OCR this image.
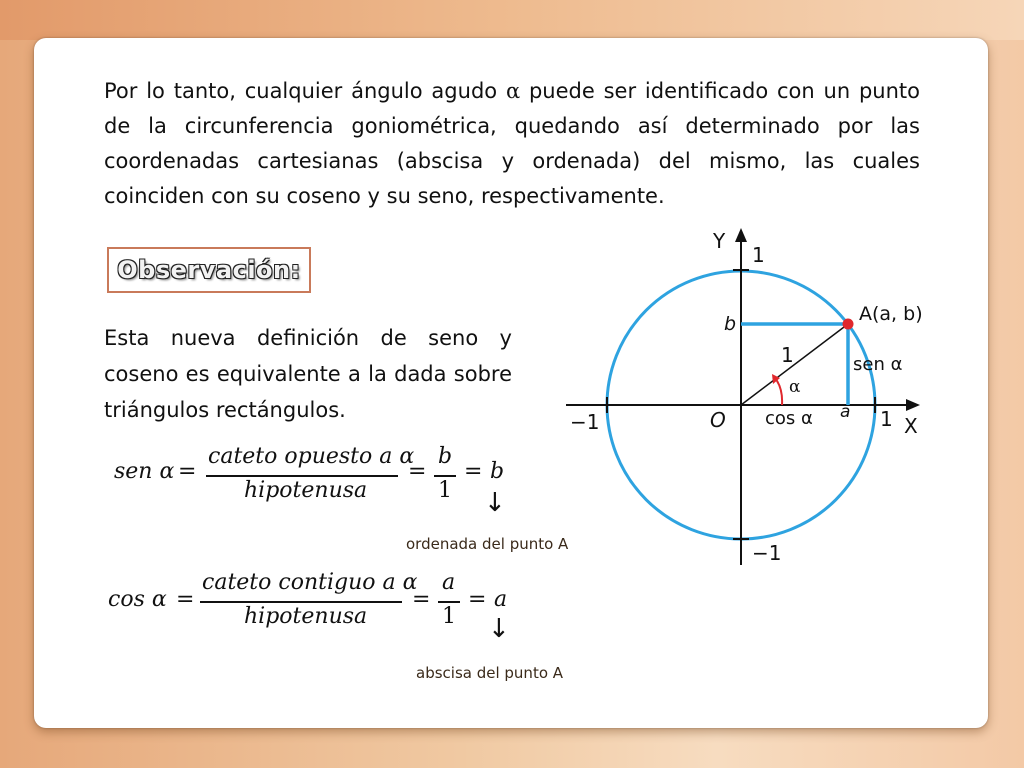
Por lo tanto, cualquier ángulo agudo α puede ser identificado con un punto de la circunferencia goniométrica, quedando así determinado por las coordenadas cartesianas (abscisa y ordenada) del mismo, las cuales coinciden con su coseno y su seno, respectivamente.
Observación:
Esta nueva definición de seno y coseno es equivalente a la dada sobre triángulos rectángulos.
sen α =
cateto opuesto a α
hipotenusa
=
b
1
= b
↓
ordenada del punto A
cos α =
cateto contiguo a α
hipotenusa
=
a
1
= a
↓
abscisa del punto A
Y
1
−1
−1	1 X
O
b
a
A(a, b)
1
α
sen α
cos α
